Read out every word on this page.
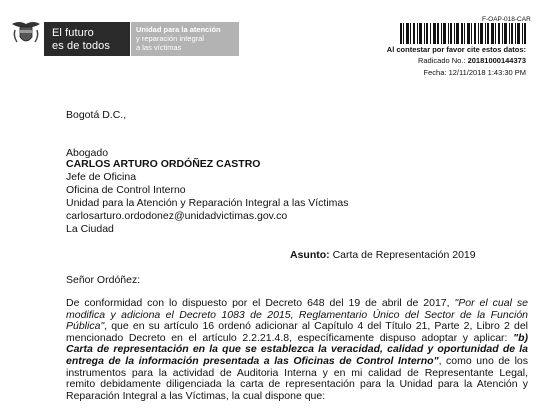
El futuro
es de todos
Unidad para la atención
y reparación integral
a las víctimas
F-OAP-018-CAR
Al contestar por favor cite estos datos:
Radicado No.: 20181000144373
Fecha: 12/11/2018 1:43:30 PM
Bogotá D.C.,
Abogado
CARLOS ARTURO ORDÓÑEZ CASTRO
Jefe de Oficina
Oficina de Control Interno
Unidad para la Atención y Reparación Integral a las Víctimas
carlosarturo.ordodonez@unidadvictimas.gov.co
La Ciudad
Asunto: Carta de Representación 2019
Señor Ordóñez:
De conformidad con lo dispuesto por el Decreto 648 del 19 de abril de 2017, "Por el cual se
modifica y adiciona el Decreto 1083 de 2015, Reglamentario Único del Sector de la Función
Pública", que en su artículo 16 ordenó adicionar al Capítulo 4 del Título 21, Parte 2, Libro 2 del
mencionado Decreto en el artículo 2.2.21.4.8, específicamente dispuso adoptar y aplicar: "b)
Carta de representación en la que se establezca la veracidad, calidad y oportunidad de la
entrega de la información presentada a las Oficinas de Control Interno", como uno de los
instrumentos para la actividad de Auditoria Interna y en mi calidad de Representante Legal,
remito debidamente diligenciada la carta de representación para la Unidad para la Atención y
Reparación Integral a las Víctimas, la cual dispone que:
